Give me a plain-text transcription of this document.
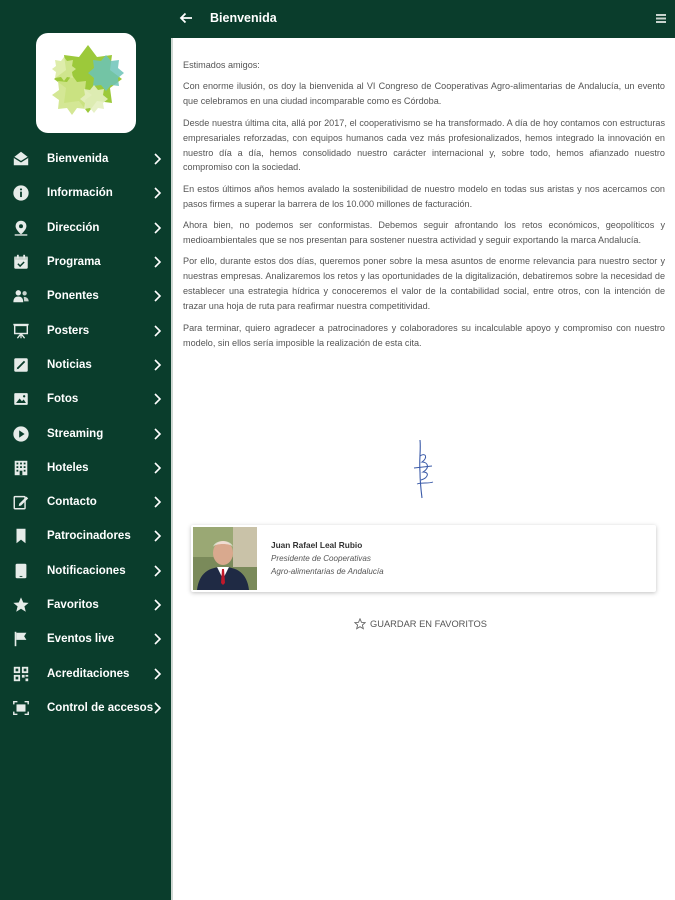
Bienvenida
Información
Dirección
Programa
Ponentes
Posters
Noticias
Fotos
Streaming
Hoteles
Contacto
Patrocinadores
Notificaciones
Favoritos
Eventos live
Acreditaciones
Control de accesos
Bienvenida

Estimados amigos:

Con enorme ilusión, os doy la bienvenida al VI Congreso de Cooperativas Agro-alimentarias de Andalucía, un evento que celebramos en una ciudad incomparable como es Córdoba.

Desde nuestra última cita, allá por 2017, el cooperativismo se ha transformado. A día de hoy contamos con estructuras empresariales reforzadas, con equipos humanos cada vez más profesionalizados, hemos integrado la innovación en nuestro día a día, hemos consolidado nuestro carácter internacional y, sobre todo, hemos afianzado nuestro compromiso con la sociedad.

En estos últimos años hemos avalado la sostenibilidad de nuestro modelo en todas sus aristas y nos acercamos con pasos firmes a superar la barrera de los 10.000 millones de facturación.

Ahora bien, no podemos ser conformistas. Debemos seguir afrontando los retos económicos, geopolíticos y medioambientales que se nos presentan para sostener nuestra actividad y seguir exportando la marca Andalucía.

Por ello, durante estos dos días, queremos poner sobre la mesa asuntos de enorme relevancia para nuestro sector y nuestras empresas. Analizaremos los retos y las oportunidades de la digitalización, debatiremos sobre la necesidad de establecer una estrategia hídrica y conoceremos el valor de la contabilidad social, entre otros, con la intención de trazar una hoja de ruta para reafirmar nuestra competitividad.

Para terminar, quiero agradecer a patrocinadores y colaboradores su incalculable apoyo y compromiso con nuestro modelo, sin ellos sería imposible la realización de esta cita.

Juan Rafael Leal Rubio
Presidente de Cooperativas
Agro-alimentarias de Andalucía
GUARDAR EN FAVORITOS
